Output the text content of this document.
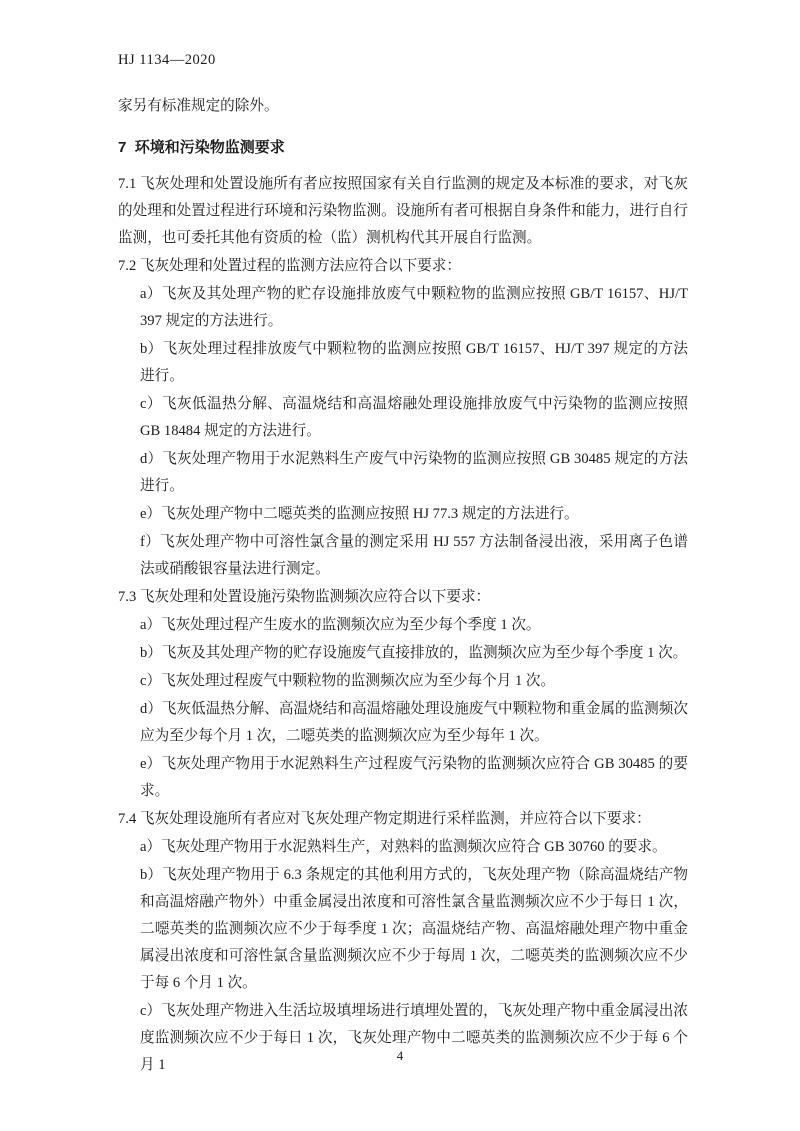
HJ 1134—2020

家另有标准规定的除外。

7 环境和污染物监测要求

7.1 飞灰处理和处置设施所有者应按照国家有关自行监测的规定及本标准的要求，对飞灰的处理和处置过程进行环境和污染物监测。设施所有者可根据自身条件和能力，进行自行监测，也可委托其他有资质的检（监）测机构代其开展自行监测。

7.2 飞灰处理和处置过程的监测方法应符合以下要求：

a）飞灰及其处理产物的贮存设施排放废气中颗粒物的监测应按照 GB/T 16157、HJ/T 397 规定的方法进行。

b）飞灰处理过程排放废气中颗粒物的监测应按照 GB/T 16157、HJ/T 397 规定的方法进行。

c）飞灰低温热分解、高温烧结和高温熔融处理设施排放废气中污染物的监测应按照 GB 18484 规定的方法进行。

d）飞灰处理产物用于水泥熟料生产废气中污染物的监测应按照 GB 30485 规定的方法进行。

e）飞灰处理产物中二噁英类的监测应按照 HJ 77.3 规定的方法进行。

f）飞灰处理产物中可溶性氯含量的测定采用 HJ 557 方法制备浸出液，采用离子色谱法或硝酸银容量法进行测定。

7.3 飞灰处理和处置设施污染物监测频次应符合以下要求：

a）飞灰处理过程产生废水的监测频次应为至少每个季度 1 次。

b）飞灰及其处理产物的贮存设施废气直接排放的，监测频次应为至少每个季度 1 次。

c）飞灰处理过程废气中颗粒物的监测频次应为至少每个月 1 次。

d）飞灰低温热分解、高温烧结和高温熔融处理设施废气中颗粒物和重金属的监测频次应为至少每个月 1 次，二噁英类的监测频次应为至少每年 1 次。

e）飞灰处理产物用于水泥熟料生产过程废气污染物的监测频次应符合 GB 30485 的要求。

7.4 飞灰处理设施所有者应对飞灰处理产物定期进行采样监测，并应符合以下要求：

a）飞灰处理产物用于水泥熟料生产，对熟料的监测频次应符合 GB 30760 的要求。

b）飞灰处理产物用于 6.3 条规定的其他利用方式的，飞灰处理产物（除高温烧结产物和高温熔融产物外）中重金属浸出浓度和可溶性氯含量监测频次应不少于每日 1 次，二噁英类的监测频次应不少于每季度 1 次；高温烧结产物、高温熔融处理产物中重金属浸出浓度和可溶性氯含量监测频次应不少于每周 1 次，二噁英类的监测频次应不少于每 6 个月 1 次。

c）飞灰处理产物进入生活垃圾填埋场进行填埋处置的，飞灰处理产物中重金属浸出浓度监测频次应不少于每日 1 次，飞灰处理产物中二噁英类的监测频次应不少于每 6 个月 1

4
